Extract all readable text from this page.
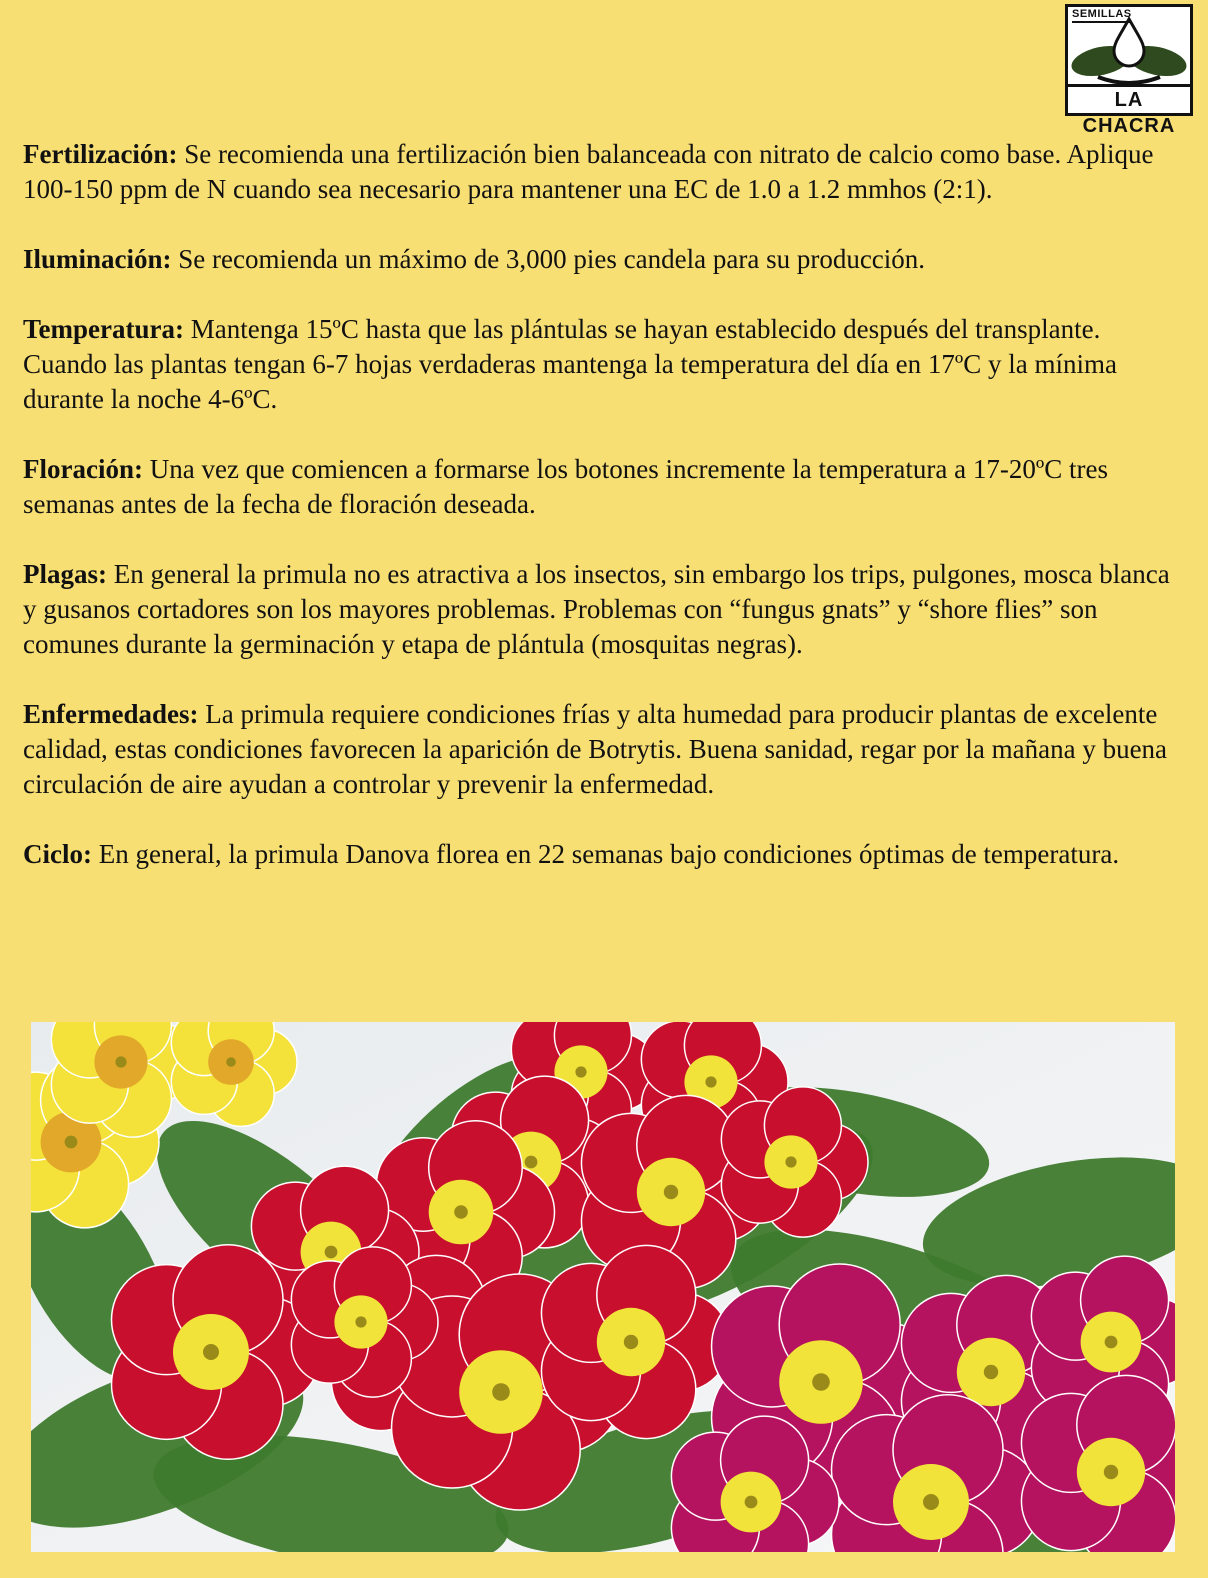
SEMILLAS
LA CHACRA

Fertilización: Se recomienda una fertilización bien balanceada con nitrato de calcio como base. Aplique 100-150 ppm de N cuando sea necesario para mantener una EC de 1.0 a 1.2 mmhos (2:1).

Iluminación: Se recomienda un máximo de 3,000 pies candela para su producción.

Temperatura: Mantenga 15ºC hasta que las plántulas se hayan establecido después del transplante. Cuando las plantas tengan 6-7 hojas verdaderas mantenga la temperatura del día en 17ºC y la mínima durante la noche 4-6ºC.

Floración: Una vez que comiencen a formarse los botones incremente la temperatura a 17-20ºC tres semanas antes de la fecha de floración deseada.

Plagas: En general la primula no es atractiva a los insectos, sin embargo los trips, pulgones, mosca blanca y gusanos cortadores son los mayores problemas. Problemas con “fungus gnats” y “shore flies” son comunes durante la germinación y etapa de plántula (mosquitas negras).

Enfermedades: La primula requiere condiciones frías y alta humedad para producir plantas de excelente calidad, estas condiciones favorecen la aparición de Botrytis. Buena sanidad, regar por la mañana y buena circulación de aire ayudan a controlar y prevenir la enfermedad.

Ciclo: En general, la primula Danova florea en 22 semanas bajo condiciones óptimas de temperatura.
